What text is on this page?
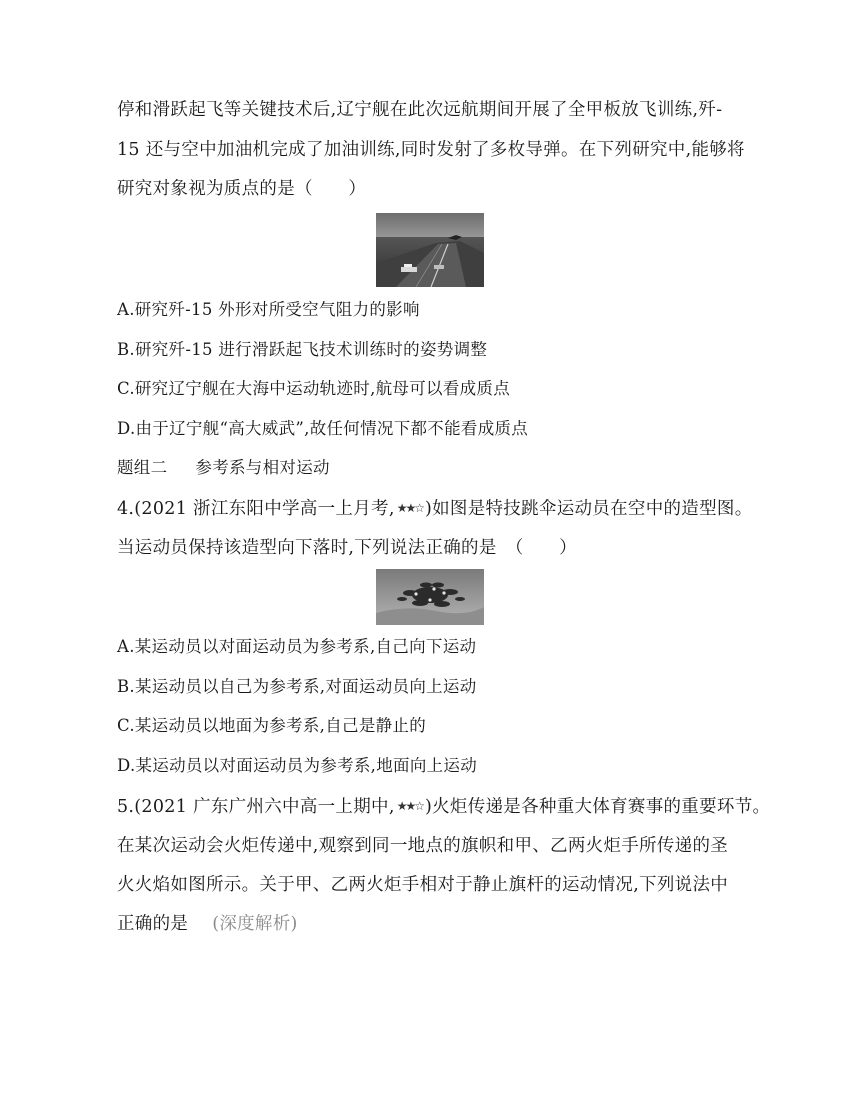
停和滑跃起飞等关键技术后,辽宁舰在此次远航期间开展了全甲板放飞训练,歼-

15 还与空中加油机完成了加油训练,同时发射了多枚导弹。在下列研究中,能够将

研究对象视为质点的是（　　）

A.研究歼-15 外形对所受空气阻力的影响

B.研究歼-15 进行滑跃起飞技术训练时的姿势调整

C.研究辽宁舰在大海中运动轨迹时,航母可以看成质点

D.由于辽宁舰“高大威武”,故任何情况下都不能看成质点

题组二 参考系与相对运动

4.(2021 浙江东阳中学高一上月考, ★★☆ )如图是特技跳伞运动员在空中的造型图。

当运动员保持该造型向下落时,下列说法正确的是　（　　）

A.某运动员以对面运动员为参考系,自己向下运动

B.某运动员以自己为参考系,对面运动员向上运动

C.某运动员以地面为参考系,自己是静止的

D.某运动员以对面运动员为参考系,地面向上运动

5.(2021 广东广州六中高一上期中, ★★☆ )火炬传递是各种重大体育赛事的重要环节。

在某次运动会火炬传递中,观察到同一地点的旗帜和甲、乙两火炬手所传递的圣

火火焰如图所示。关于甲、乙两火炬手相对于静止旗杆的运动情况,下列说法中

正确的是 (深度解析)
